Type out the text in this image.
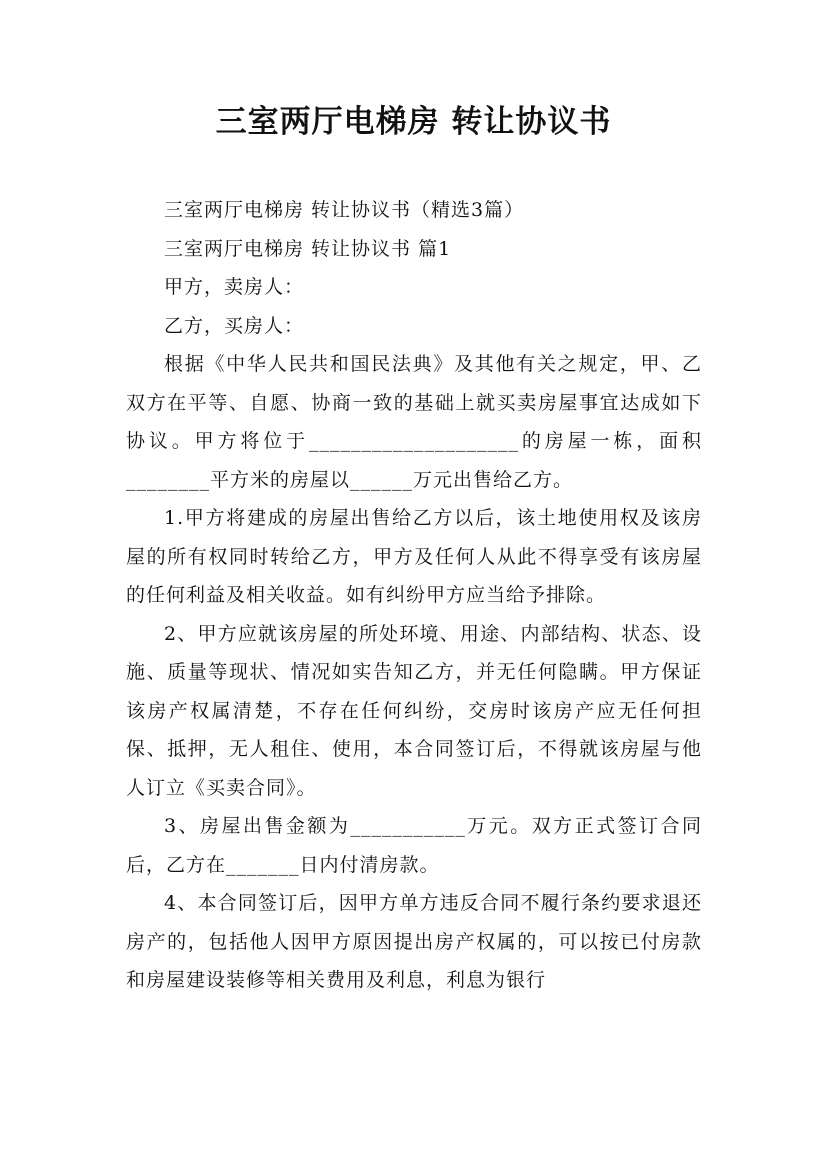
三室两厅电梯房 转让协议书

三室两厅电梯房 转让协议书（精选3篇）

三室两厅电梯房 转让协议书 篇1

甲方，卖房人：

乙方，买房人：

根据《中华人民共和国民法典》及其他有关之规定，甲、乙双方在平等、自愿、协商一致的基础上就买卖房屋事宜达成如下协议。甲方将位于____________________的房屋一栋，面积________平方米的房屋以______万元出售给乙方。

1.甲方将建成的房屋出售给乙方以后，该土地使用权及该房屋的所有权同时转给乙方，甲方及任何人从此不得享受有该房屋的任何利益及相关收益。如有纠纷甲方应当给予排除。

2、甲方应就该房屋的所处环境、用途、内部结构、状态、设施、质量等现状、情况如实告知乙方，并无任何隐瞒。甲方保证该房产权属清楚，不存在任何纠纷，交房时该房产应无任何担保、抵押，无人租住、使用，本合同签订后，不得就该房屋与他人订立《买卖合同》。

3、房屋出售金额为___________万元。双方正式签订合同后，乙方在_______日内付清房款。

4、本合同签订后，因甲方单方违反合同不履行条约要求退还房产的，包括他人因甲方原因提出房产权属的，可以按已付房款和房屋建设装修等相关费用及利息，利息为银行
